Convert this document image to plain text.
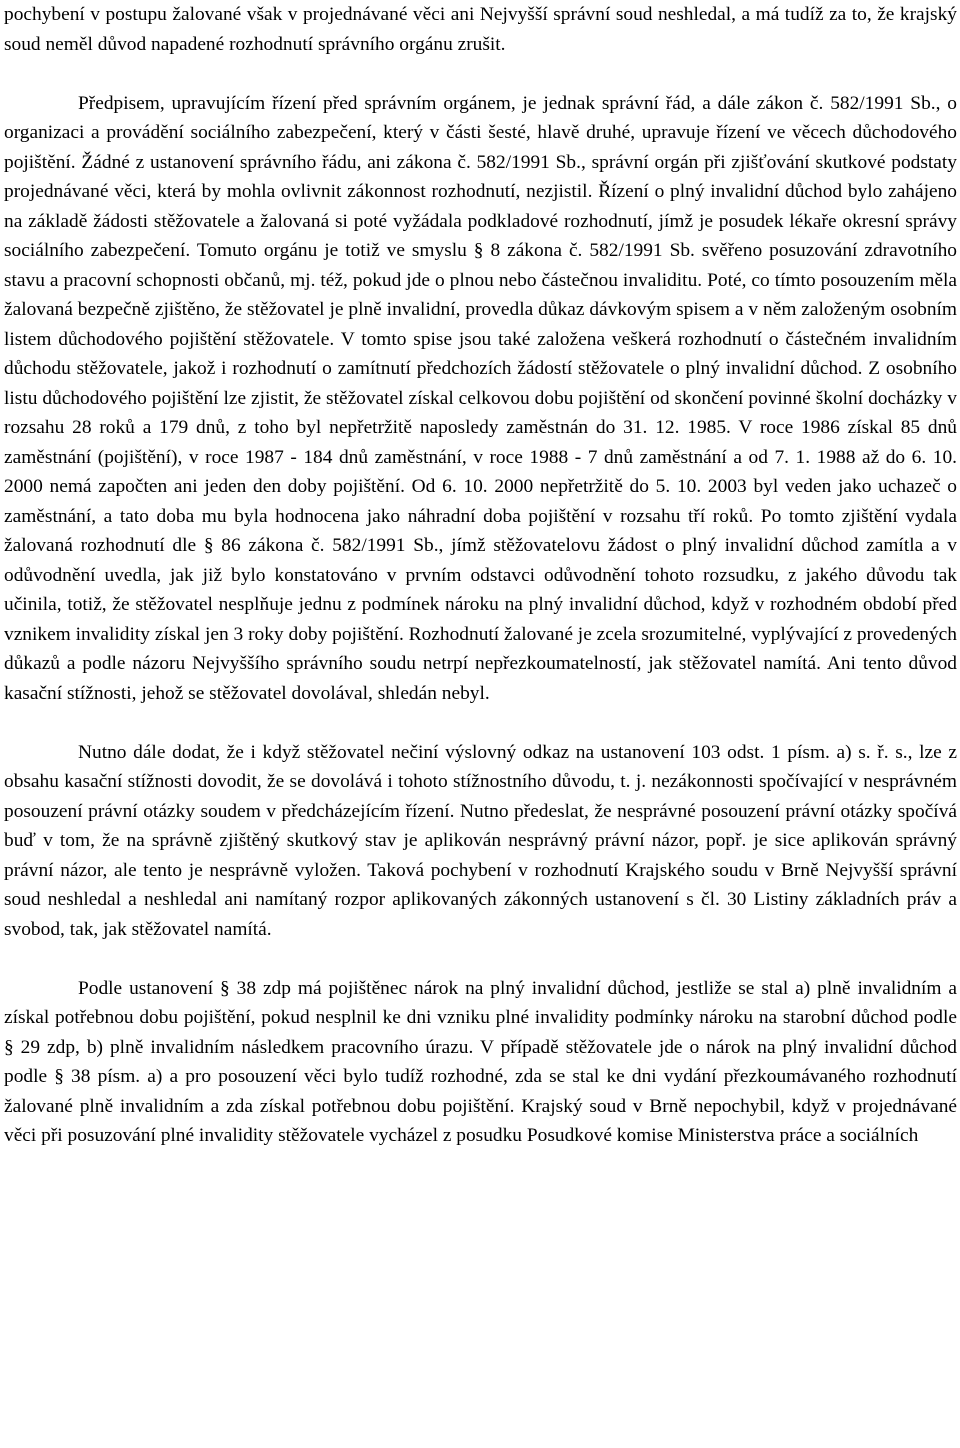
pochybení v postupu žalované však v projednávané věci ani Nejvyšší správní soud neshledal, a má tudíž za to, že krajský soud neměl důvod napadené rozhodnutí správního orgánu zrušit.

Předpisem, upravujícím řízení před správním orgánem, je jednak správní řád, a dále zákon č. 582/1991 Sb., o organizaci a provádění sociálního zabezpečení, který v části šesté, hlavě druhé, upravuje řízení ve věcech důchodového pojištění. Žádné z ustanovení správního řádu, ani zákona č. 582/1991 Sb., správní orgán při zjišťování skutkové podstaty projednávané věci, která by mohla ovlivnit zákonnost rozhodnutí, nezjistil. Řízení o plný invalidní důchod bylo zahájeno na základě žádosti stěžovatele a žalovaná si poté vyžádala podkladové rozhodnutí, jímž je posudek lékaře okresní správy sociálního zabezpečení. Tomuto orgánu je totiž ve smyslu § 8 zákona č. 582/1991 Sb. svěřeno posuzování zdravotního stavu a pracovní schopnosti občanů, mj. též, pokud jde o plnou nebo částečnou invaliditu. Poté, co tímto posouzením měla žalovaná bezpečně zjištěno, že stěžovatel je plně invalidní, provedla důkaz dávkovým spisem a v něm založeným osobním listem důchodového pojištění stěžovatele. V tomto spise jsou také založena veškerá rozhodnutí o částečném invalidním důchodu stěžovatele, jakož i rozhodnutí o zamítnutí předchozích žádostí stěžovatele o plný invalidní důchod. Z osobního listu důchodového pojištění lze zjistit, že stěžovatel získal celkovou dobu pojištění od skončení povinné školní docházky v rozsahu 28 roků a 179 dnů, z toho byl nepřetržitě naposledy zaměstnán do 31. 12. 1985. V roce 1986 získal 85 dnů zaměstnání (pojištění), v roce 1987 - 184 dnů zaměstnání, v roce 1988 - 7 dnů zaměstnání a od 7. 1. 1988 až do 6. 10. 2000 nemá započten ani jeden den doby pojištění. Od 6. 10. 2000 nepřetržitě do 5. 10. 2003 byl veden jako uchazeč o zaměstnání, a tato doba mu byla hodnocena jako náhradní doba pojištění v rozsahu tří roků. Po tomto zjištění vydala žalovaná rozhodnutí dle § 86 zákona č. 582/1991 Sb., jímž stěžovatelovu žádost o plný invalidní důchod zamítla a v odůvodnění uvedla, jak již bylo konstatováno v prvním odstavci odůvodnění tohoto rozsudku, z jakého důvodu tak učinila, totiž, že stěžovatel nesplňuje jednu z podmínek nároku na plný invalidní důchod, když v rozhodném období před vznikem invalidity získal jen 3 roky doby pojištění. Rozhodnutí žalované je zcela srozumitelné, vyplývající z provedených důkazů a podle názoru Nejvyššího správního soudu netrpí nepřezkoumatelností, jak stěžovatel namítá. Ani tento důvod kasační stížnosti, jehož se stěžovatel dovolával, shledán nebyl.

Nutno dále dodat, že i když stěžovatel nečiní výslovný odkaz na ustanovení 103 odst. 1 písm. a) s. ř. s., lze z obsahu kasační stížnosti dovodit, že se dovolává i tohoto stížnostního důvodu, t. j. nezákonnosti spočívající v nesprávném posouzení právní otázky soudem v předcházejícím řízení. Nutno předeslat, že nesprávné posouzení právní otázky spočívá buď v tom, že na správně zjištěný skutkový stav je aplikován nesprávný právní názor, popř. je sice aplikován správný právní názor, ale tento je nesprávně vyložen. Taková pochybení v rozhodnutí Krajského soudu v Brně Nejvyšší správní soud neshledal a neshledal ani namítaný rozpor aplikovaných zákonných ustanovení s čl. 30 Listiny základních práv a svobod, tak, jak stěžovatel namítá.

Podle ustanovení § 38 zdp má pojištěnec nárok na plný invalidní důchod, jestliže se stal a) plně invalidním a získal potřebnou dobu pojištění, pokud nesplnil ke dni vzniku plné invalidity podmínky nároku na starobní důchod podle § 29 zdp, b) plně invalidním následkem pracovního úrazu. V případě stěžovatele jde o nárok na plný invalidní důchod podle § 38 písm. a) a pro posouzení věci bylo tudíž rozhodné, zda se stal ke dni vydání přezkoumávaného rozhodnutí žalované plně invalidním a zda získal potřebnou dobu pojištění. Krajský soud v Brně nepochybil, když v projednávané věci při posuzování plné invalidity stěžovatele vycházel z posudku Posudkové komise Ministerstva práce a sociálních
